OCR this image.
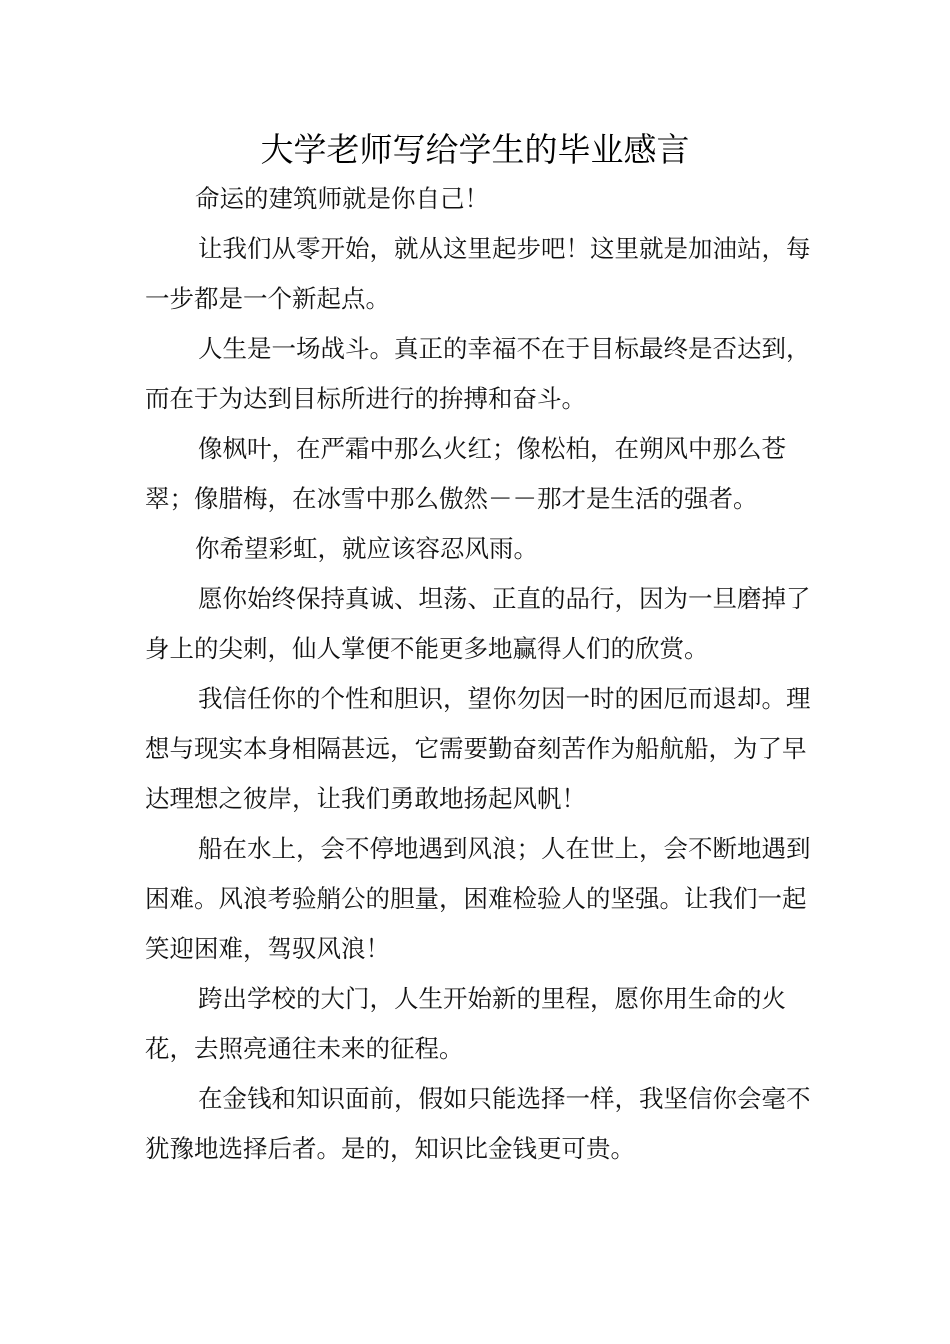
大学老师写给学生的毕业感言

命运的建筑师就是你自己！

让我们从零开始，就从这里起步吧！这里就是加油站，每一步都是一个新起点。

人生是一场战斗。真正的幸福不在于目标最终是否达到，而在于为达到目标所进行的拚搏和奋斗。

像枫叶，在严霜中那么火红；像松柏，在朔风中那么苍翠；像腊梅，在冰雪中那么傲然－－那才是生活的强者。

你希望彩虹，就应该容忍风雨。

愿你始终保持真诚、坦荡、正直的品行，因为一旦磨掉了身上的尖刺，仙人掌便不能更多地赢得人们的欣赏。

我信任你的个性和胆识，望你勿因一时的困厄而退却。理想与现实本身相隔甚远，它需要勤奋刻苦作为船航船，为了早达理想之彼岸，让我们勇敢地扬起风帆！

船在水上，会不停地遇到风浪；人在世上，会不断地遇到困难。风浪考验艄公的胆量，困难检验人的坚强。让我们一起笑迎困难，驾驭风浪！

跨出学校的大门，人生开始新的里程，愿你用生命的火花，去照亮通往未来的征程。

在金钱和知识面前，假如只能选择一样，我坚信你会毫不犹豫地选择后者。是的，知识比金钱更可贵。
